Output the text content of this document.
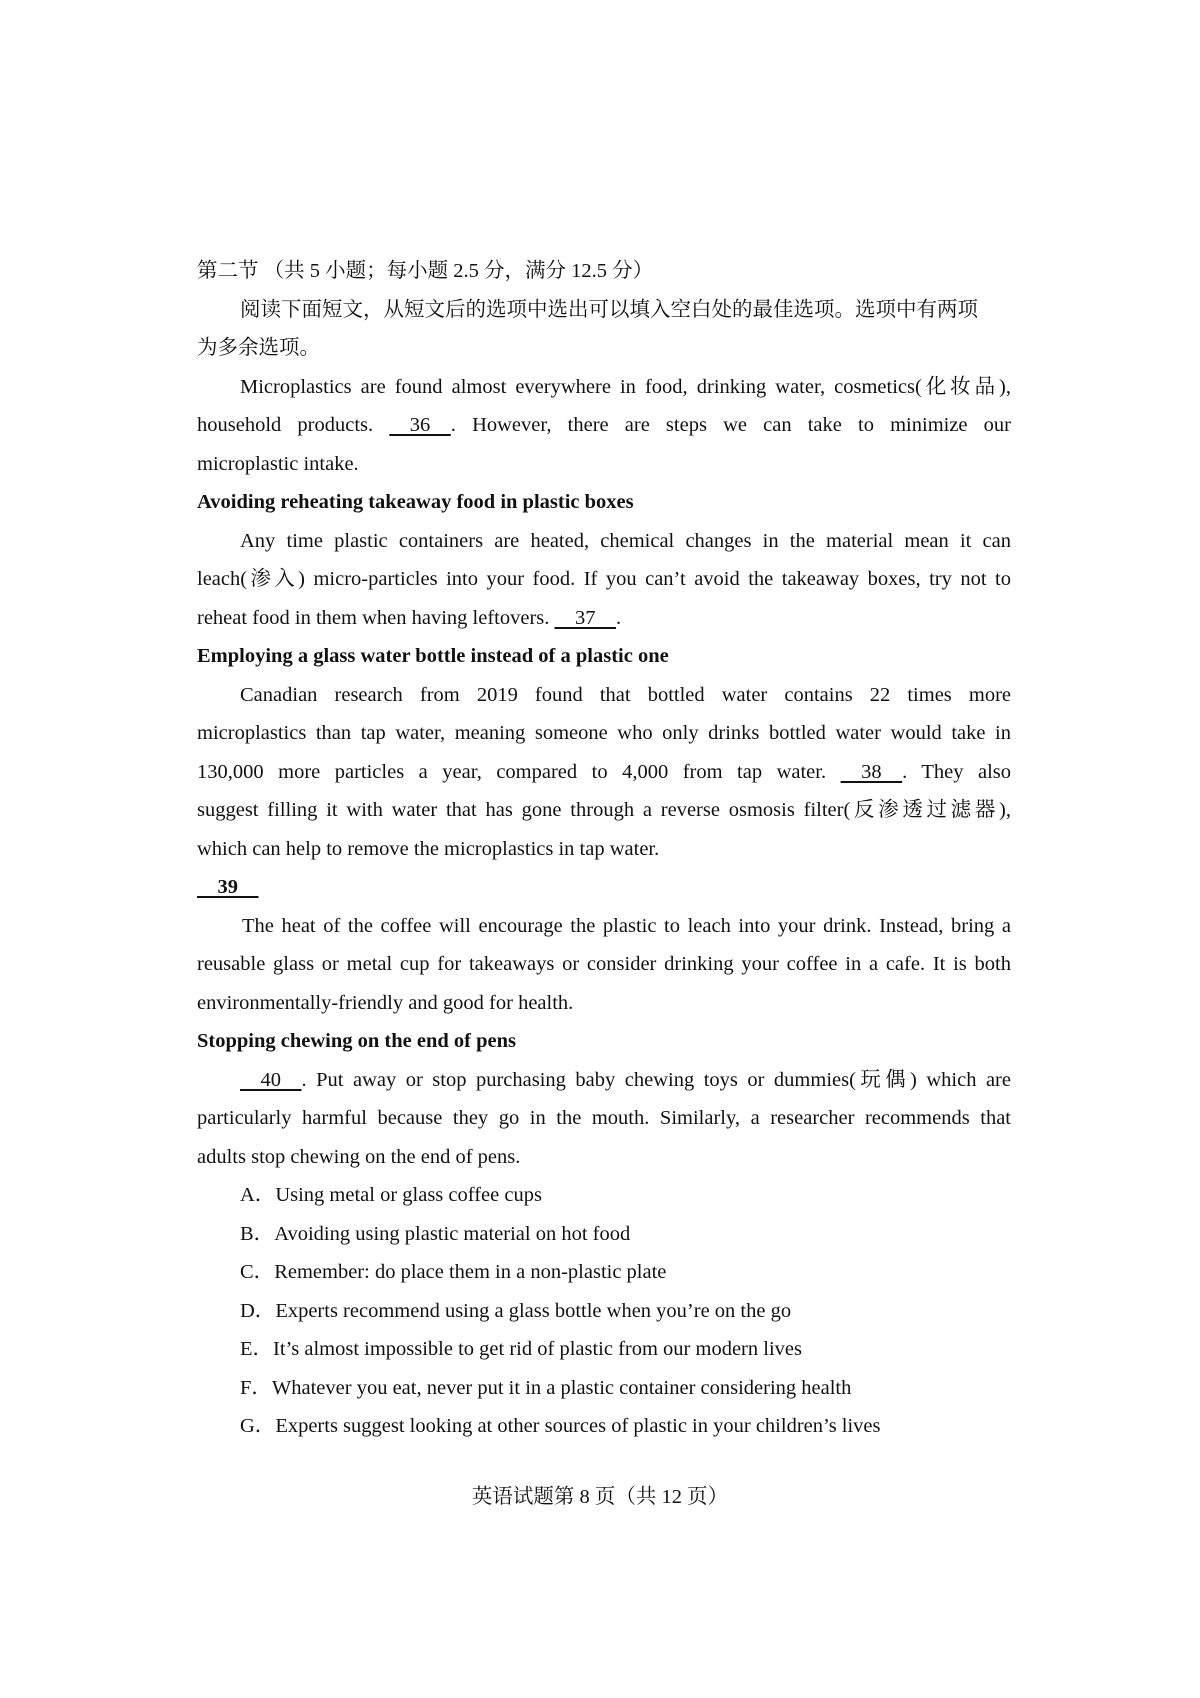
第二节 （共 5 小题；每小题 2.5 分，满分 12.5 分）
阅读下面短文，从短文后的选项中选出可以填入空白处的最佳选项。选项中有两项
为多余选项。
Microplastics are found almost everywhere in food, drinking water, cosmetics(化妆品),
household products.     36    . However, there are steps we can take to minimize our
microplastic intake.
Avoiding reheating takeaway food in plastic boxes
Any time plastic containers are heated, chemical changes in the material mean it can
leach(渗入) micro-particles into your food. If you can’t avoid the takeaway boxes, try not to
reheat food in them when having leftovers.     37    .
Employing a glass water bottle instead of a plastic one
Canadian research from 2019 found that bottled water contains 22 times more
microplastics than tap water, meaning someone who only drinks bottled water would take in
130,000 more particles a year, compared to 4,000 from tap water.     38    . They also
suggest filling it with water that has gone through a reverse osmosis filter(反渗透过滤器),
which can help to remove the microplastics in tap water.
39
The heat of the coffee will encourage the plastic to leach into your drink. Instead, bring a
reusable glass or metal cup for takeaways or consider drinking your coffee in a cafe. It is both
environmentally-friendly and good for health.
Stopping chewing on the end of pens
40    . Put away or stop purchasing baby chewing toys or dummies(玩偶) which are
particularly harmful because they go in the mouth. Similarly, a researcher recommends that
adults stop chewing on the end of pens.
A．Using metal or glass coffee cups
B．Avoiding using plastic material on hot food
C．Remember: do place them in a non-plastic plate
D．Experts recommend using a glass bottle when you’re on the go
E．It’s almost impossible to get rid of plastic from our modern lives
F．Whatever you eat, never put it in a plastic container considering health
G．Experts suggest looking at other sources of plastic in your children’s lives
英语试题第 8 页（共 12 页）
